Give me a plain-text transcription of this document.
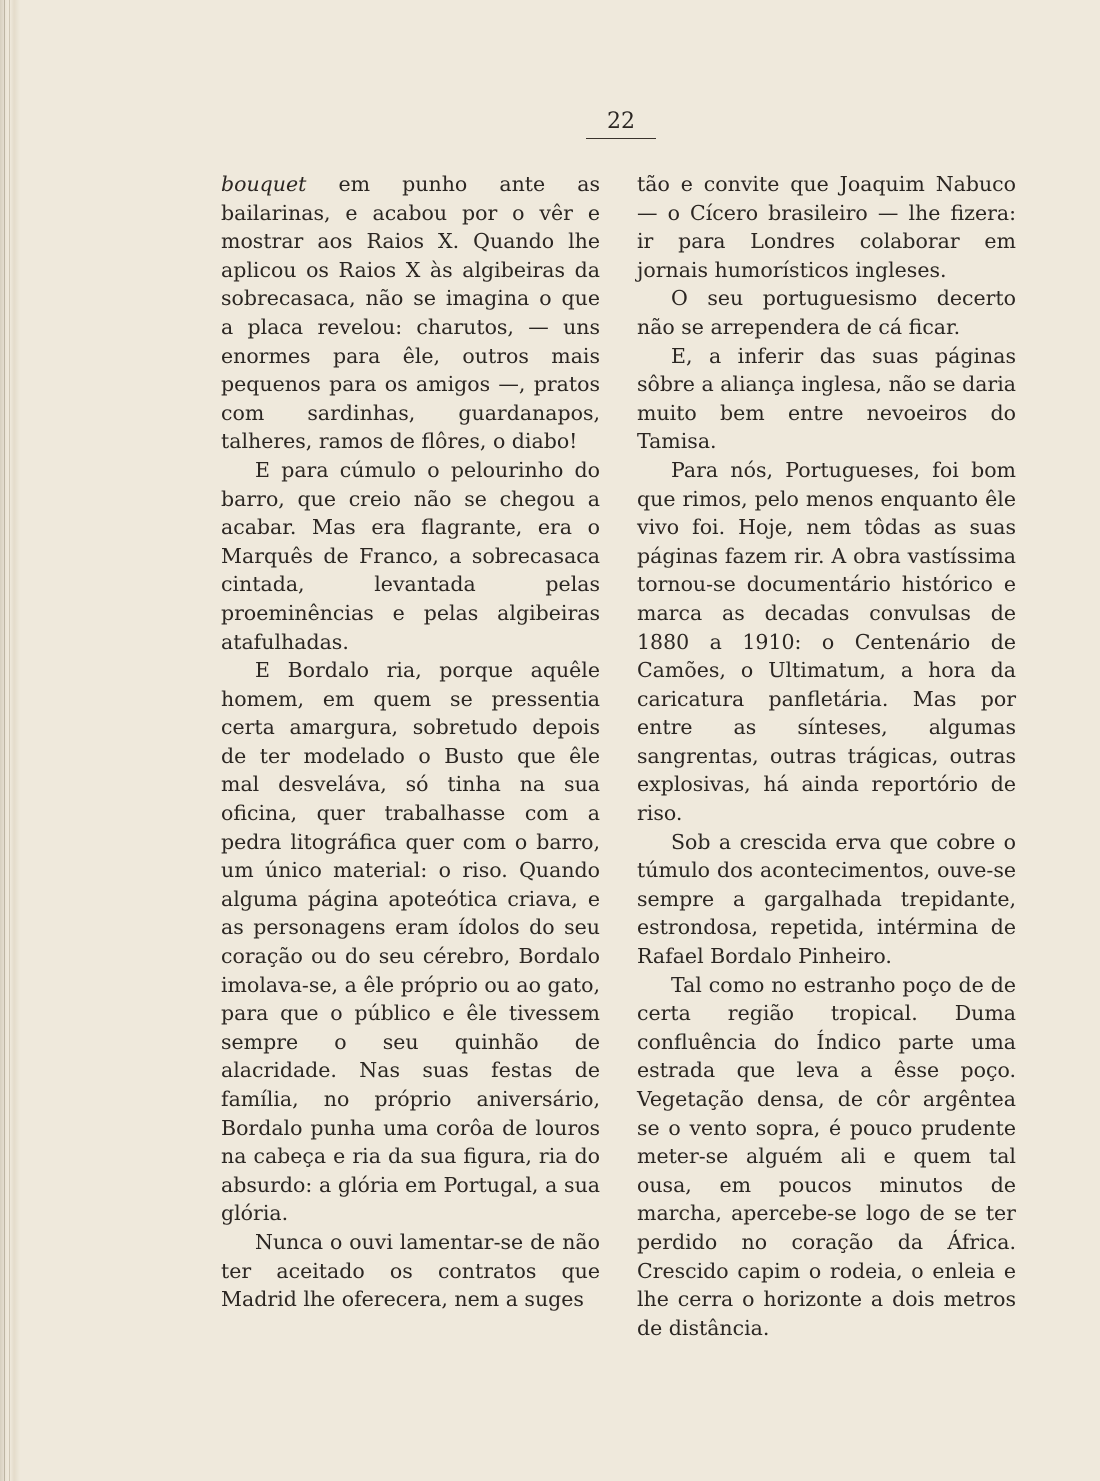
22

bouquet em punho ante as bailarinas, e acabou por o vêr e mostrar aos Raios X. Quando lhe aplicou os Raios X às algibeiras da sobrecasaca, não se imagina o que a placa revelou: charutos, — uns enormes para êle, outros mais pequenos para os amigos —, pratos com sardinhas, guardanapos, talheres, ramos de flôres, o diabo!

E para cúmulo o pelourinho do barro, que creio não se chegou a acabar. Mas era flagrante, era o Marquês de Franco, a sobrecasaca cintada, levantada pelas proeminências e pelas algibeiras atafulhadas.

E Bordalo ria, porque aquêle homem, em quem se pressentia certa amargura, sobretudo depois de ter modelado o Busto que êle mal desveláva, só tinha na sua oficina, quer trabalhasse com a pedra litográfica quer com o barro, um único material: o riso. Quando alguma página apoteótica criava, e as personagens eram ídolos do seu coração ou do seu cérebro, Bordalo imolava-se, a êle próprio ou ao gato, para que o público e êle tivessem sempre o seu quinhão de alacridade. Nas suas festas de família, no próprio aniversário, Bordalo punha uma corôa de louros na cabeça e ria da sua figura, ria do absurdo: a glória em Portugal, a sua glória.

Nunca o ouvi lamentar-se de não ter aceitado os contratos que Madrid lhe oferecera, nem a suges

tão e convite que Joaquim Nabuco — o Cícero brasileiro — lhe fizera: ir para Londres colaborar em jornais humorísticos ingleses.

O seu portuguesismo decerto não se arrependera de cá ficar.

E, a inferir das suas páginas sôbre a aliança inglesa, não se daria muito bem entre nevoeiros do Tamisa.

Para nós, Portugueses, foi bom que rimos, pelo menos enquanto êle vivo foi. Hoje, nem tôdas as suas páginas fazem rir. A obra vastíssima tornou-se documentário histórico e marca as decadas convulsas de 1880 a 1910: o Centenário de Camões, o Ultimatum, a hora da caricatura panfletária. Mas por entre as sínteses, algumas sangrentas, outras trágicas, outras explosivas, há ainda reportório de riso.

Sob a crescida erva que cobre o túmulo dos acontecimentos, ouve-se sempre a gargalhada trepidante, estrondosa, repetida, intérmina de Rafael Bordalo Pinheiro.

Tal como no estranho poço de de certa região tropical. Duma confluência do Índico parte uma estrada que leva a êsse poço. Vegetação densa, de côr argêntea se o vento sopra, é pouco prudente meter-se alguém ali e quem tal ousa, em poucos minutos de marcha, apercebe-se logo de se ter perdido no coração da África. Crescido capim o rodeia, o enleia e lhe cerra o horizonte a dois metros de distância.
